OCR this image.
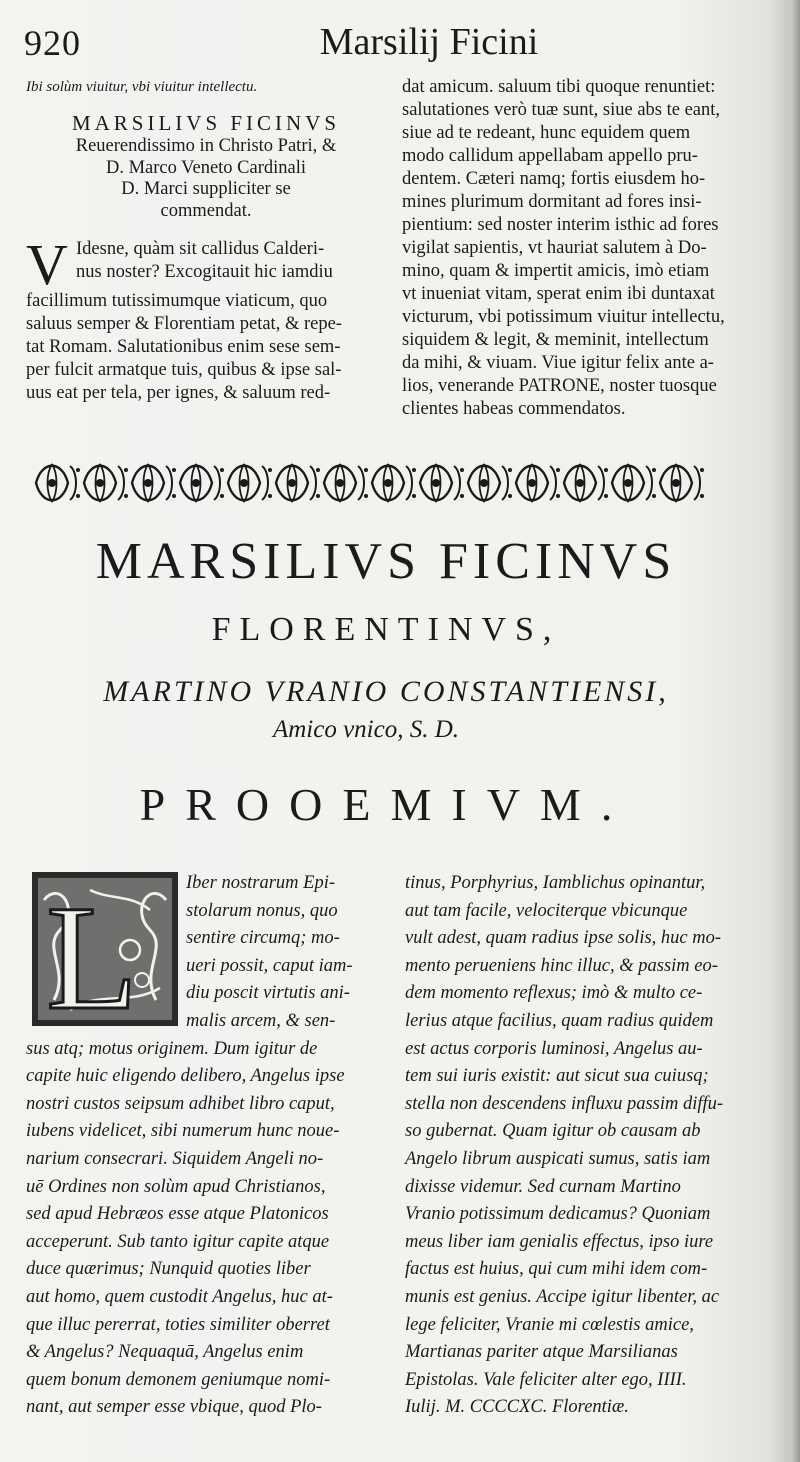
920	Marsilij Ficini
Ibi solùm viuitur, vbi viuitur intellectu.
MARSILIVS FICINVS
Reuerendissimo in Christo Patri, &
D. Marco Veneto Cardinali
D. Marci suppliciter se
commendat.
V Idesne, quàm sit callidus Calderi-
nus noster? Excogitauit hic iamdiu
facillimum tutissimumque viaticum, quo
saluus semper & Florentiam petat, & repe-
tat Romam. Salutationibus enim sese sem-
per fulcit armatque tuis, quibus & ipse sal-
uus eat per tela, per ignes, & saluum red-
dat amicum. saluum tibi quoque renuntiet:
salutationes verò tuæ sunt, siue abs te eant,
siue ad te redeant, hunc equidem quem
modo callidum appellabam appello pru-
dentem. Cæteri namq; fortis eiusdem ho-
mines plurimum dormitant ad fores insi-
pientium: sed noster interim isthic ad fores
vigilat sapientis, vt hauriat salutem à Do-
mino, quam & impertit amicis, imò etiam
vt inueniat vitam, sperat enim ibi duntaxat
victurum, vbi potissimum viuitur intellectu,
siquidem & legit, & meminit, intellectum
da mihi, & viuam. Viue igitur felix ante a-
lios, venerande PATRONE, noster tuosque
clientes habeas commendatos.
MARSILIVS FICINVS
FLORENTINVS,
MARTINO VRANIO CONSTANTIENSI,
Amico vnico, S. D.
PROOEMIVM.
L	Iber nostrarum Epi-
stolarum nonus, quo
sentire circumq; mo-
ueri possit, caput iam-
diu poscit virtutis ani-
malis arcem, & sen-
sus atq; motus originem. Dum igitur de
capite huic eligendo delibero, Angelus ipse
nostri custos seipsum adhibet libro caput,
iubens videlicet, sibi numerum hunc noue-
narium consecrari. Siquidem Angeli no-
uē Ordines non solùm apud Christianos,
sed apud Hebræos esse atque Platonicos
acceperunt. Sub tanto igitur capite atque
duce quærimus; Nunquid quoties liber
aut homo, quem custodit Angelus, huc at-
que illuc pererrat, toties similiter oberret
& Angelus? Nequaquā, Angelus enim
quem bonum demonem geniumque nomi-
nant, aut semper esse vbique, quod Plo-
tinus, Porphyrius, Iamblichus opinantur,
aut tam facile, velociterque vbicunque
vult adest, quam radius ipse solis, huc mo-
mento perueniens hinc illuc, & passim eo-
dem momento reflexus; imò & multo ce-
lerius atque facilius, quam radius quidem
est actus corporis luminosi, Angelus au-
tem sui iuris existit: aut sicut sua cuiusq;
stella non descendens influxu passim diffu-
so gubernat. Quam igitur ob causam ab
Angelo librum auspicati sumus, satis iam
dixisse videmur. Sed curnam Martino
Vranio potissimum dedicamus? Quoniam
meus liber iam genialis effectus, ipso iure
factus est huius, qui cum mihi idem com-
munis est genius. Accipe igitur libenter, ac
lege feliciter, Vranie mi cœlestis amice,
Martianas pariter atque Marsilianas
Epistolas. Vale feliciter alter ego, IIII.
Iulij. M. CCCCXC. Florentiæ.
